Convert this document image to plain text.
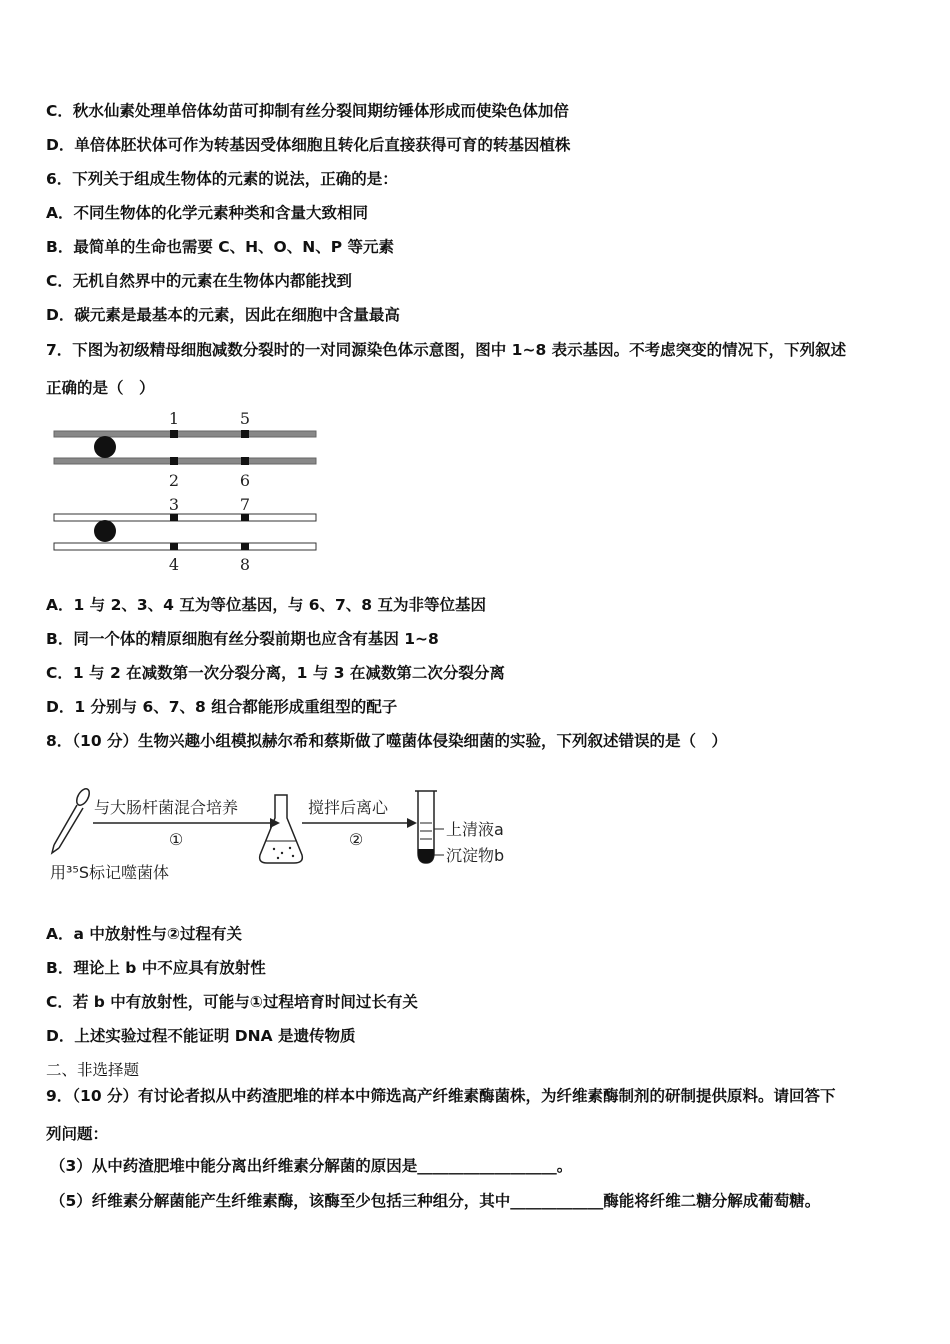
C．秋水仙素处理单倍体幼苗可抑制有丝分裂间期纺锤体形成而使染色体加倍
D．单倍体胚状体可作为转基因受体细胞且转化后直接获得可育的转基因植株
6．下列关于组成生物体的元素的说法，正确的是：
A．不同生物体的化学元素种类和含量大致相同
B．最简单的生命也需要 C、H、O、N、P 等元素
C．无机自然界中的元素在生物体内都能找到
D．碳元素是最基本的元素，因此在细胞中含量最高
7．下图为初级精母细胞减数分裂时的一对同源染色体示意图，图中 1~8 表示基因。不考虑突变的情况下，下列叙述
正确的是（　）
1	5
2	6
3	7
4	8
A．1 与 2、3、4 互为等位基因，与 6、7、8 互为非等位基因
B．同一个体的精原细胞有丝分裂前期也应含有基因 1~8
C．1 与 2 在减数第一次分裂分离，1 与 3 在减数第二次分裂分离
D．1 分别与 6、7、8 组合都能形成重组型的配子
8．（10 分）生物兴趣小组模拟赫尔希和蔡斯做了噬菌体侵染细菌的实验，下列叙述错误的是（　）
与大肠杆菌混合培养
①
搅拌后离心
②
上清液a
沉淀物b
用³⁵S标记噬菌体
A．a 中放射性与②过程有关
B．理论上 b 中不应具有放射性
C．若 b 中有放射性，可能与①过程培育时间过长有关
D．上述实验过程不能证明 DNA 是遗传物质
二、非选择题
9．（10 分）有讨论者拟从中药渣肥堆的样本中筛选高产纤维素酶菌株，为纤维素酶制剂的研制提供原料。请回答下
列问题：
（3）从中药渣肥堆中能分离出纤维素分解菌的原因是__________________。
（5）纤维素分解菌能产生纤维素酶，该酶至少包括三种组分，其中____________酶能将纤维二糖分解成葡萄糖。
